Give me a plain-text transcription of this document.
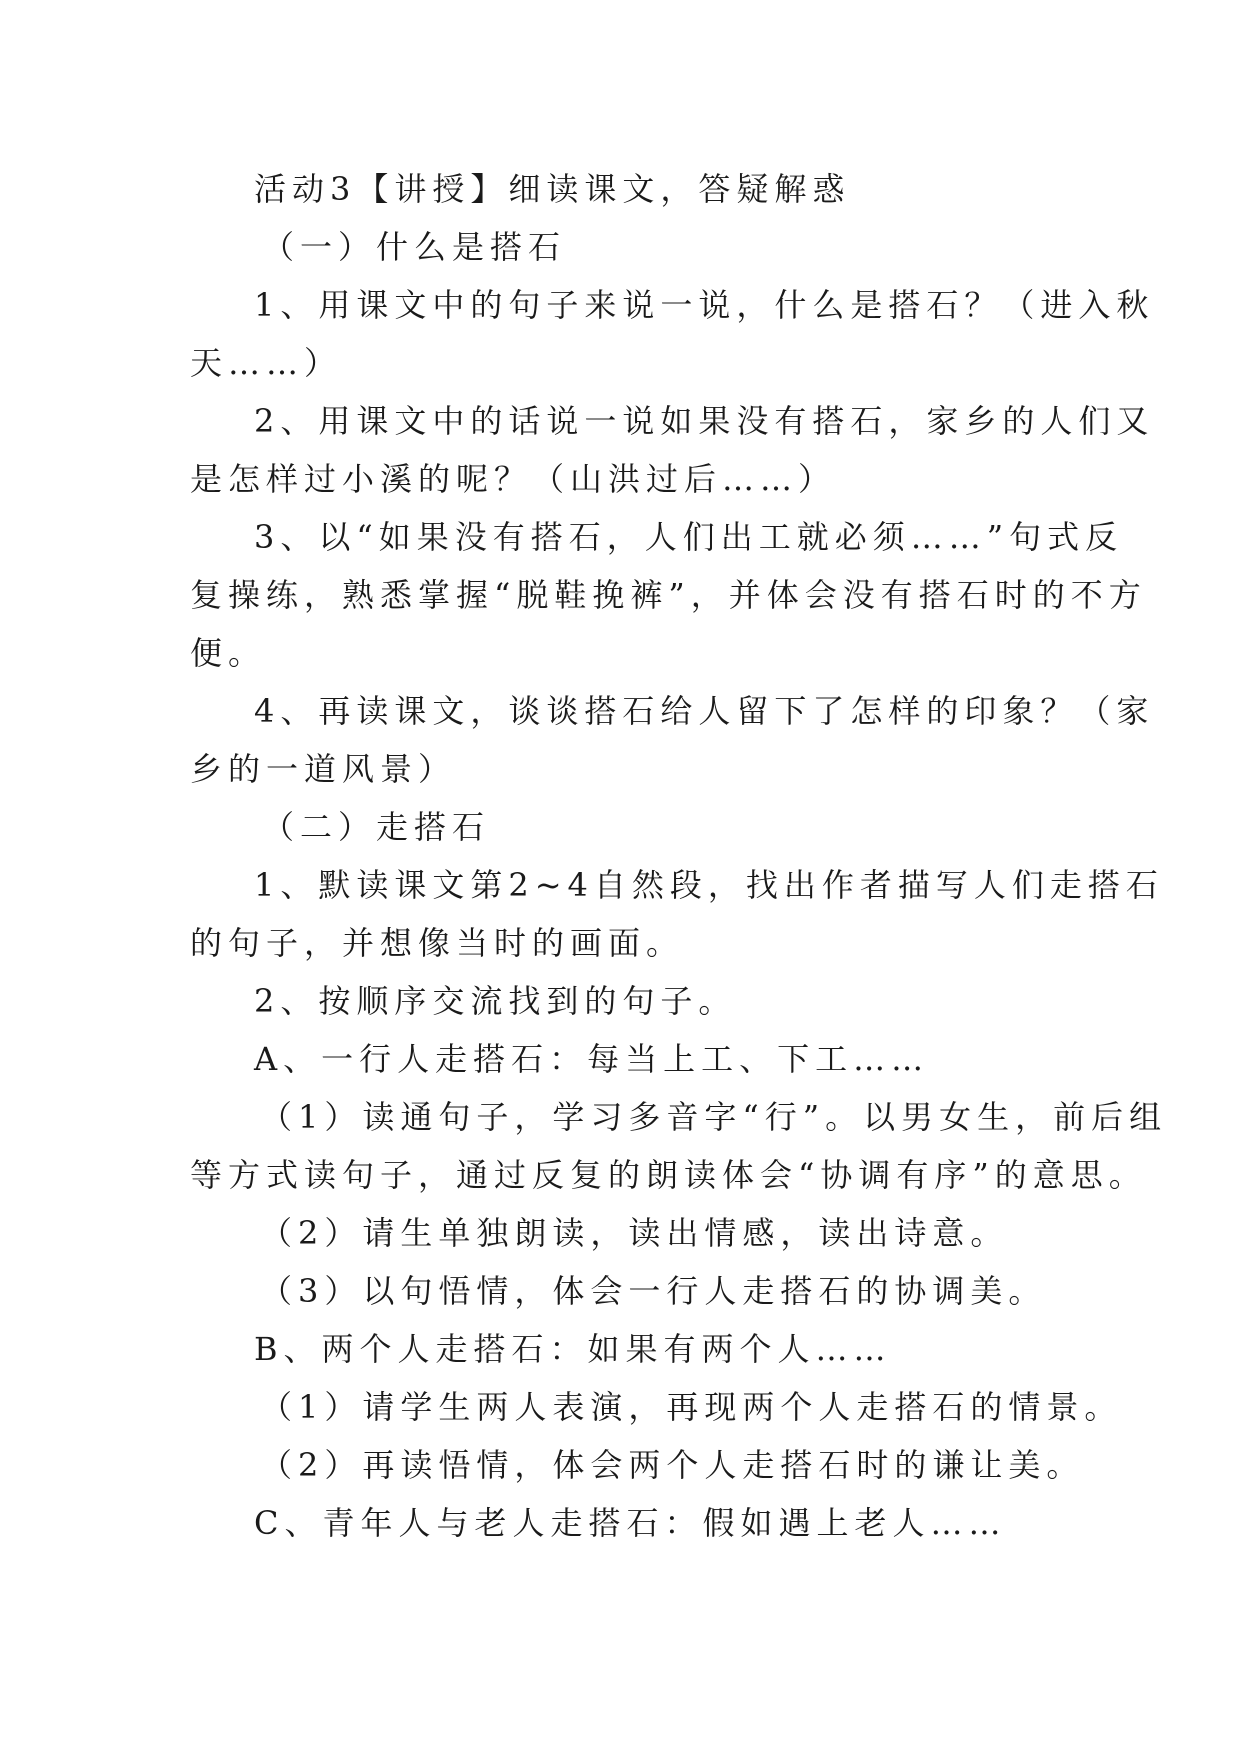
活动3【讲授】细读课文，答疑解惑
（一）什么是搭石
1、用课文中的句子来说一说，什么是搭石？（进入秋
天……）
2、用课文中的话说一说如果没有搭石，家乡的人们又
是怎样过小溪的呢？（山洪过后……）
3、以“如果没有搭石，人们出工就必须……”句式反
复操练，熟悉掌握“脱鞋挽裤”，并体会没有搭石时的不方
便。
4、再读课文，谈谈搭石给人留下了怎样的印象？（家
乡的一道风景）
（二）走搭石
1、默读课文第2~4自然段，找出作者描写人们走搭石
的句子，并想像当时的画面。
2、按顺序交流找到的句子。
A、一行人走搭石：每当上工、下工……
（1）读通句子，学习多音字“行”。以男女生，前后组
等方式读句子，通过反复的朗读体会“协调有序”的意思。
（2）请生单独朗读，读出情感，读出诗意。
（3）以句悟情，体会一行人走搭石的协调美。
B、两个人走搭石：如果有两个人……
（1）请学生两人表演，再现两个人走搭石的情景。
（2）再读悟情，体会两个人走搭石时的谦让美。
C、青年人与老人走搭石：假如遇上老人……
